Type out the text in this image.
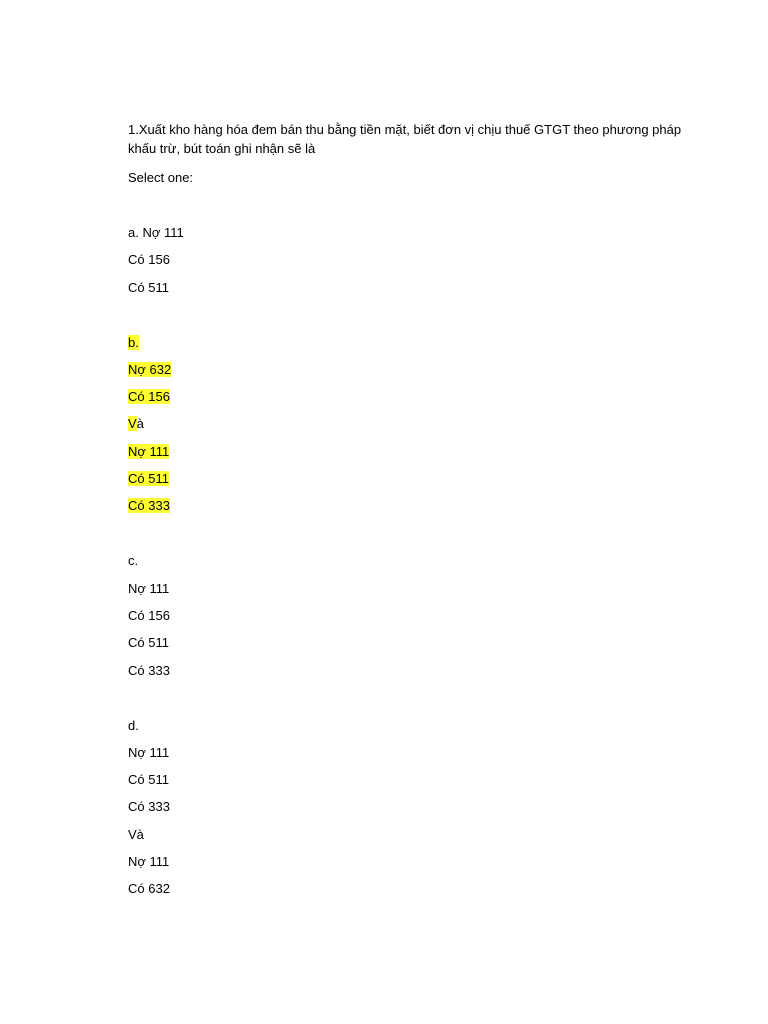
1.Xuất kho hàng hóa đem bán thu bằng tiền mặt, biết đơn vị chịu thuế GTGT theo phương pháp khấu trừ, bút toán ghi nhận sẽ là

Select one:

a. Nợ 111
Có 156
Có 511
b.
Nợ 632
Có 156
Và
Nợ 111
Có 511
Có 333
c.
Nợ 111
Có 156
Có 511
Có 333
d.
Nợ 111
Có 511
Có 333
Và
Nợ 111
Có 632
